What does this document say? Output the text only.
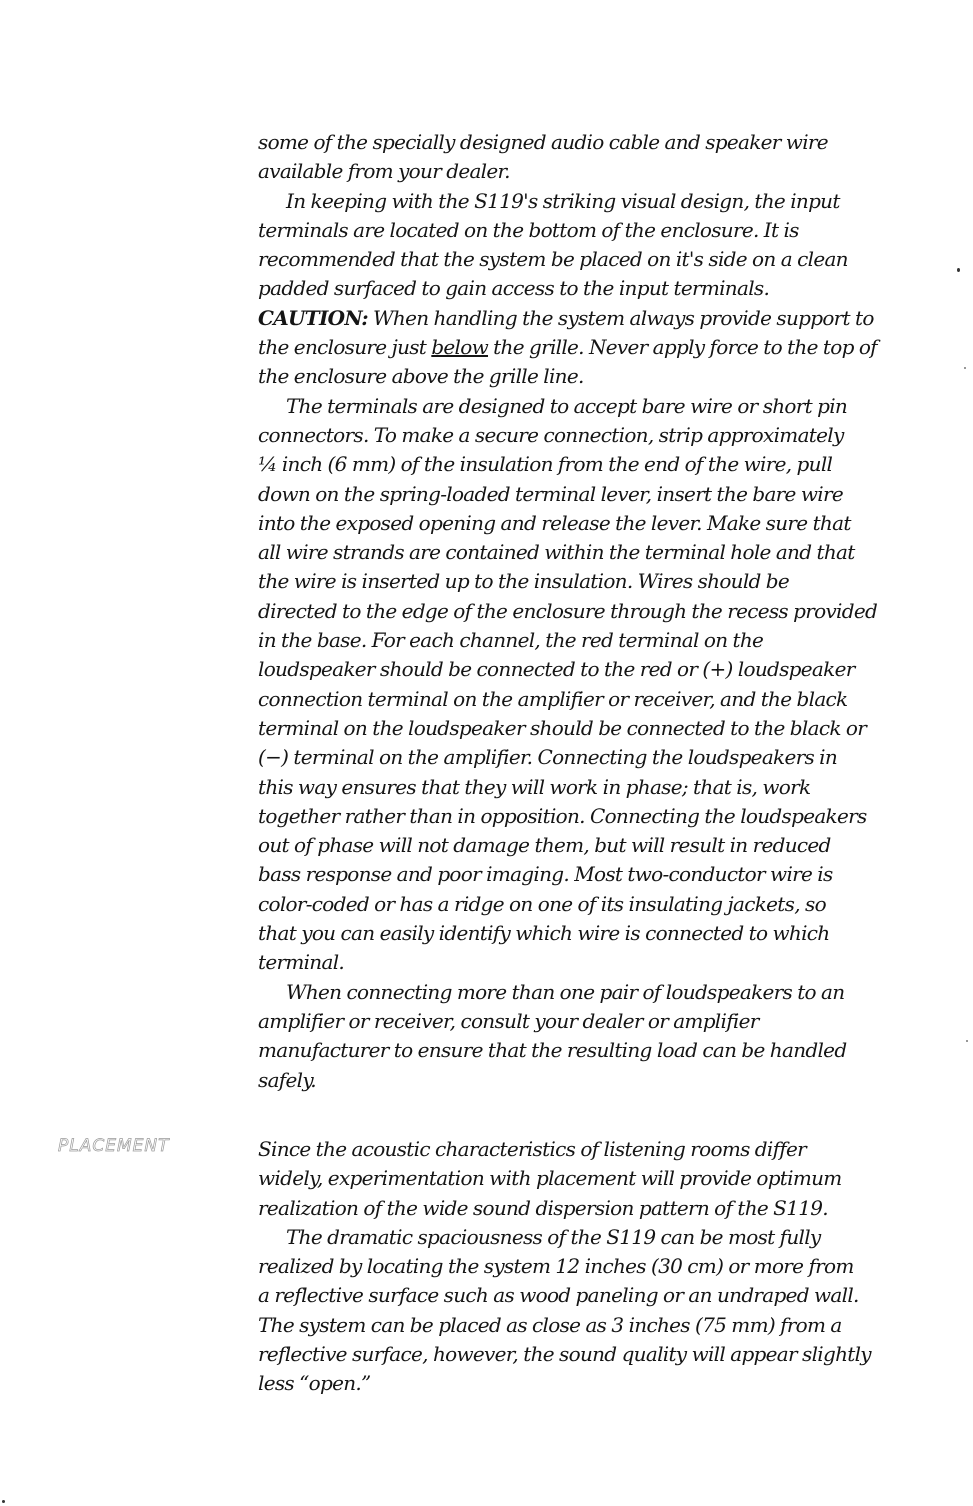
some of the specially designed audio cable and speaker wire
available from your dealer.
In keeping with the S119's striking visual design, the input
terminals are located on the bottom of the enclosure. It is
recommended that the system be placed on it's side on a clean
padded surfaced to gain access to the input terminals.
CAUTION: When handling the system always provide support to
the enclosure just below the grille. Never apply force to the top of
the enclosure above the grille line.
The terminals are designed to accept bare wire or short pin
connectors. To make a secure connection, strip approximately
¼ inch (6 mm) of the insulation from the end of the wire, pull
down on the spring-loaded terminal lever, insert the bare wire
into the exposed opening and release the lever. Make sure that
all wire strands are contained within the terminal hole and that
the wire is inserted up to the insulation. Wires should be
directed to the edge of the enclosure through the recess provided
in the base. For each channel, the red terminal on the
loudspeaker should be connected to the red or (+) loudspeaker
connection terminal on the amplifier or receiver, and the black
terminal on the loudspeaker should be connected to the black or
(−) terminal on the amplifier. Connecting the loudspeakers in
this way ensures that they will work in phase; that is, work
together rather than in opposition. Connecting the loudspeakers
out of phase will not damage them, but will result in reduced
bass response and poor imaging. Most two-conductor wire is
color-coded or has a ridge on one of its insulating jackets, so
that you can easily identify which wire is connected to which
terminal.
When connecting more than one pair of loudspeakers to an
amplifier or receiver, consult your dealer or amplifier
manufacturer to ensure that the resulting load can be handled
safely.
PLACEMENT	Since the acoustic characteristics of listening rooms differ
widely, experimentation with placement will provide optimum
realization of the wide sound dispersion pattern of the S119.
The dramatic spaciousness of the S119 can be most fully
realized by locating the system 12 inches (30 cm) or more from
a reflective surface such as wood paneling or an undraped wall.
The system can be placed as close as 3 inches (75 mm) from a
reflective surface, however, the sound quality will appear slightly
less “open.”
